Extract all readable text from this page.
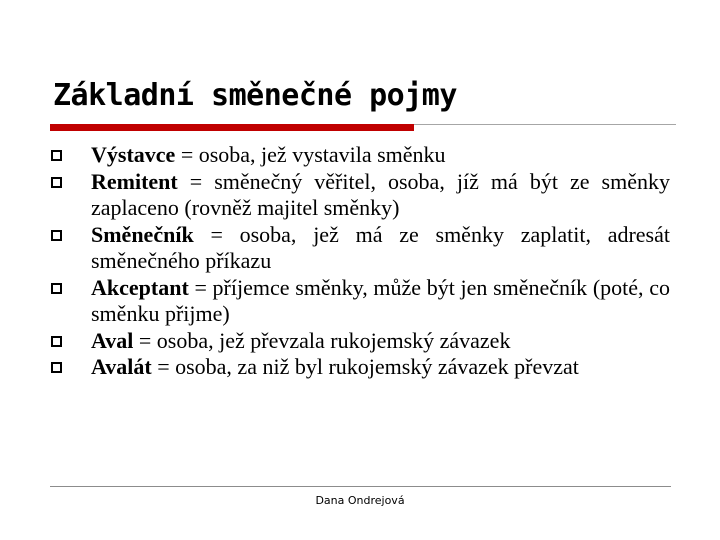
Základní směnečné pojmy
Výstavce = osoba, jež vystavila směnku
Remitent = směnečný věřitel, osoba, jíž má být ze směnky zaplaceno (rovněž majitel směnky)
Směnečník = osoba, jež má ze směnky zaplatit, adresát směnečného příkazu
Akceptant = příjemce směnky, může být jen směnečník (poté, co směnku přijme)
Aval = osoba, jež převzala rukojemský závazek
Avalát = osoba, za niž byl rukojemský závazek převzat
Dana Ondrejová
